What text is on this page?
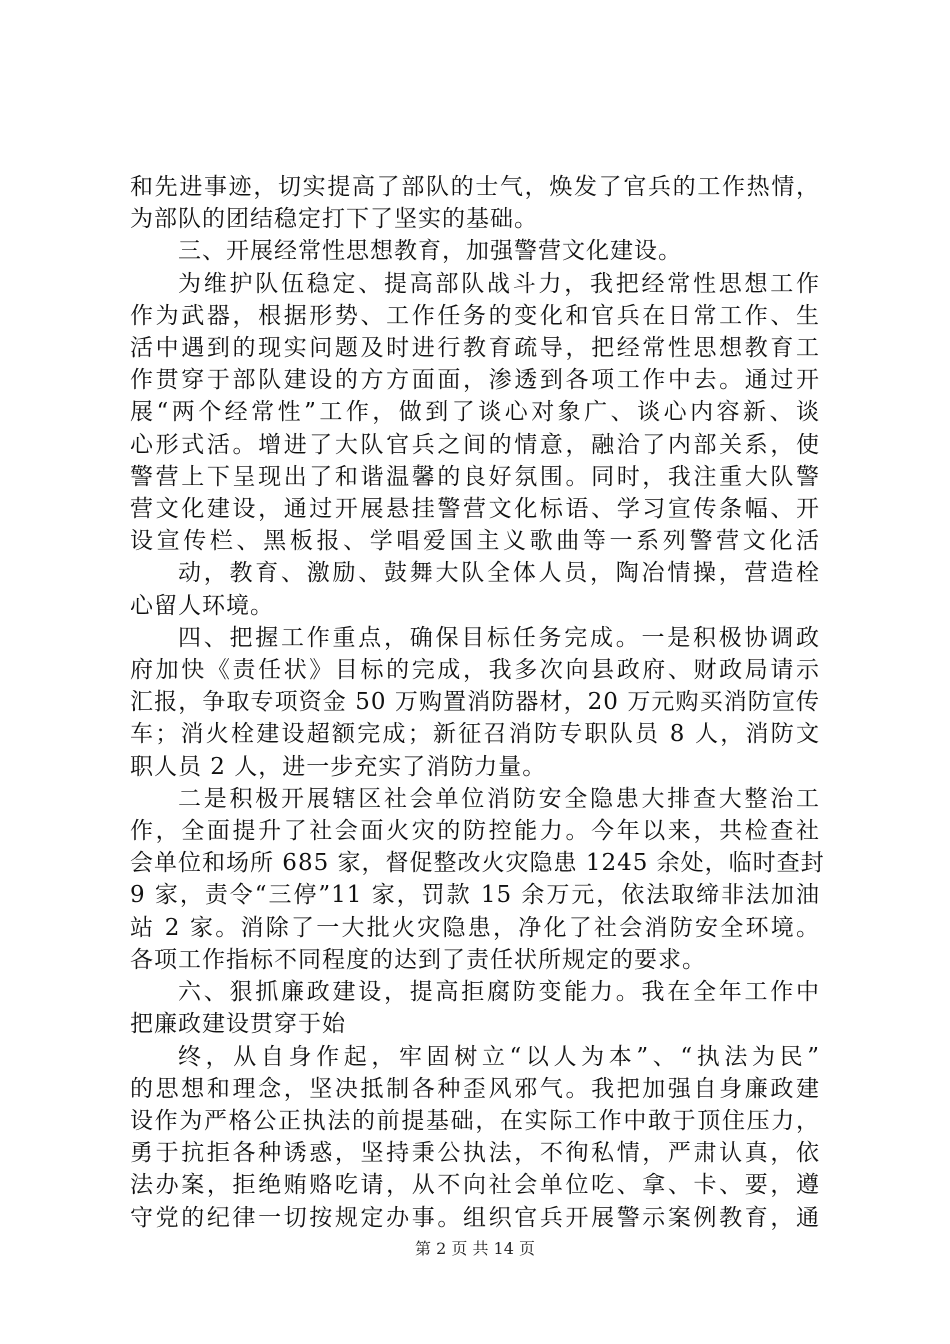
和先进事迹，切实提高了部队的士气，焕发了官兵的工作热情，
为部队的团结稳定打下了坚实的基础。
三、开展经常性思想教育，加强警营文化建设。
为维护队伍稳定、提高部队战斗力，我把经常性思想工作
作为武器，根据形势、工作任务的变化和官兵在日常工作、生
活中遇到的现实问题及时进行教育疏导，把经常性思想教育工
作贯穿于部队建设的方方面面，渗透到各项工作中去。通过开
展“两个经常性”工作，做到了谈心对象广、谈心内容新、谈
心形式活。增进了大队官兵之间的情意，融洽了内部关系，使
警营上下呈现出了和谐温馨的良好氛围。同时，我注重大队警
营文化建设，通过开展悬挂警营文化标语、学习宣传条幅、开
设宣传栏、黑板报、学唱爱国主义歌曲等一系列警营文化活
动，教育、激励、鼓舞大队全体人员，陶冶情操，营造栓
心留人环境。
四、把握工作重点，确保目标任务完成。一是积极协调政
府加快《责任状》目标的完成，我多次向县政府、财政局请示
汇报，争取专项资金 50 万购置消防器材，20 万元购买消防宣传
车；消火栓建设超额完成；新征召消防专职队员 8 人，消防文
职人员 2 人，进一步充实了消防力量。
二是积极开展辖区社会单位消防安全隐患大排查大整治工
作，全面提升了社会面火灾的防控能力。今年以来，共检查社
会单位和场所 685 家，督促整改火灾隐患 1245 余处，临时查封
9 家，责令“三停”11 家，罚款 15 余万元，依法取缔非法加油
站 2 家。消除了一大批火灾隐患，净化了社会消防安全环境。
各项工作指标不同程度的达到了责任状所规定的要求。
六、狠抓廉政建设，提高拒腐防变能力。我在全年工作中
把廉政建设贯穿于始
终，从自身作起，牢固树立“以人为本”、“执法为民”
的思想和理念，坚决抵制各种歪风邪气。我把加强自身廉政建
设作为严格公正执法的前提基础，在实际工作中敢于顶住压力，
勇于抗拒各种诱惑，坚持秉公执法，不徇私情，严肃认真，依
法办案，拒绝贿赂吃请，从不向社会单位吃、拿、卡、要，遵
守党的纪律一切按规定办事。组织官兵开展警示案例教育，通
第 2 页 共 14 页
